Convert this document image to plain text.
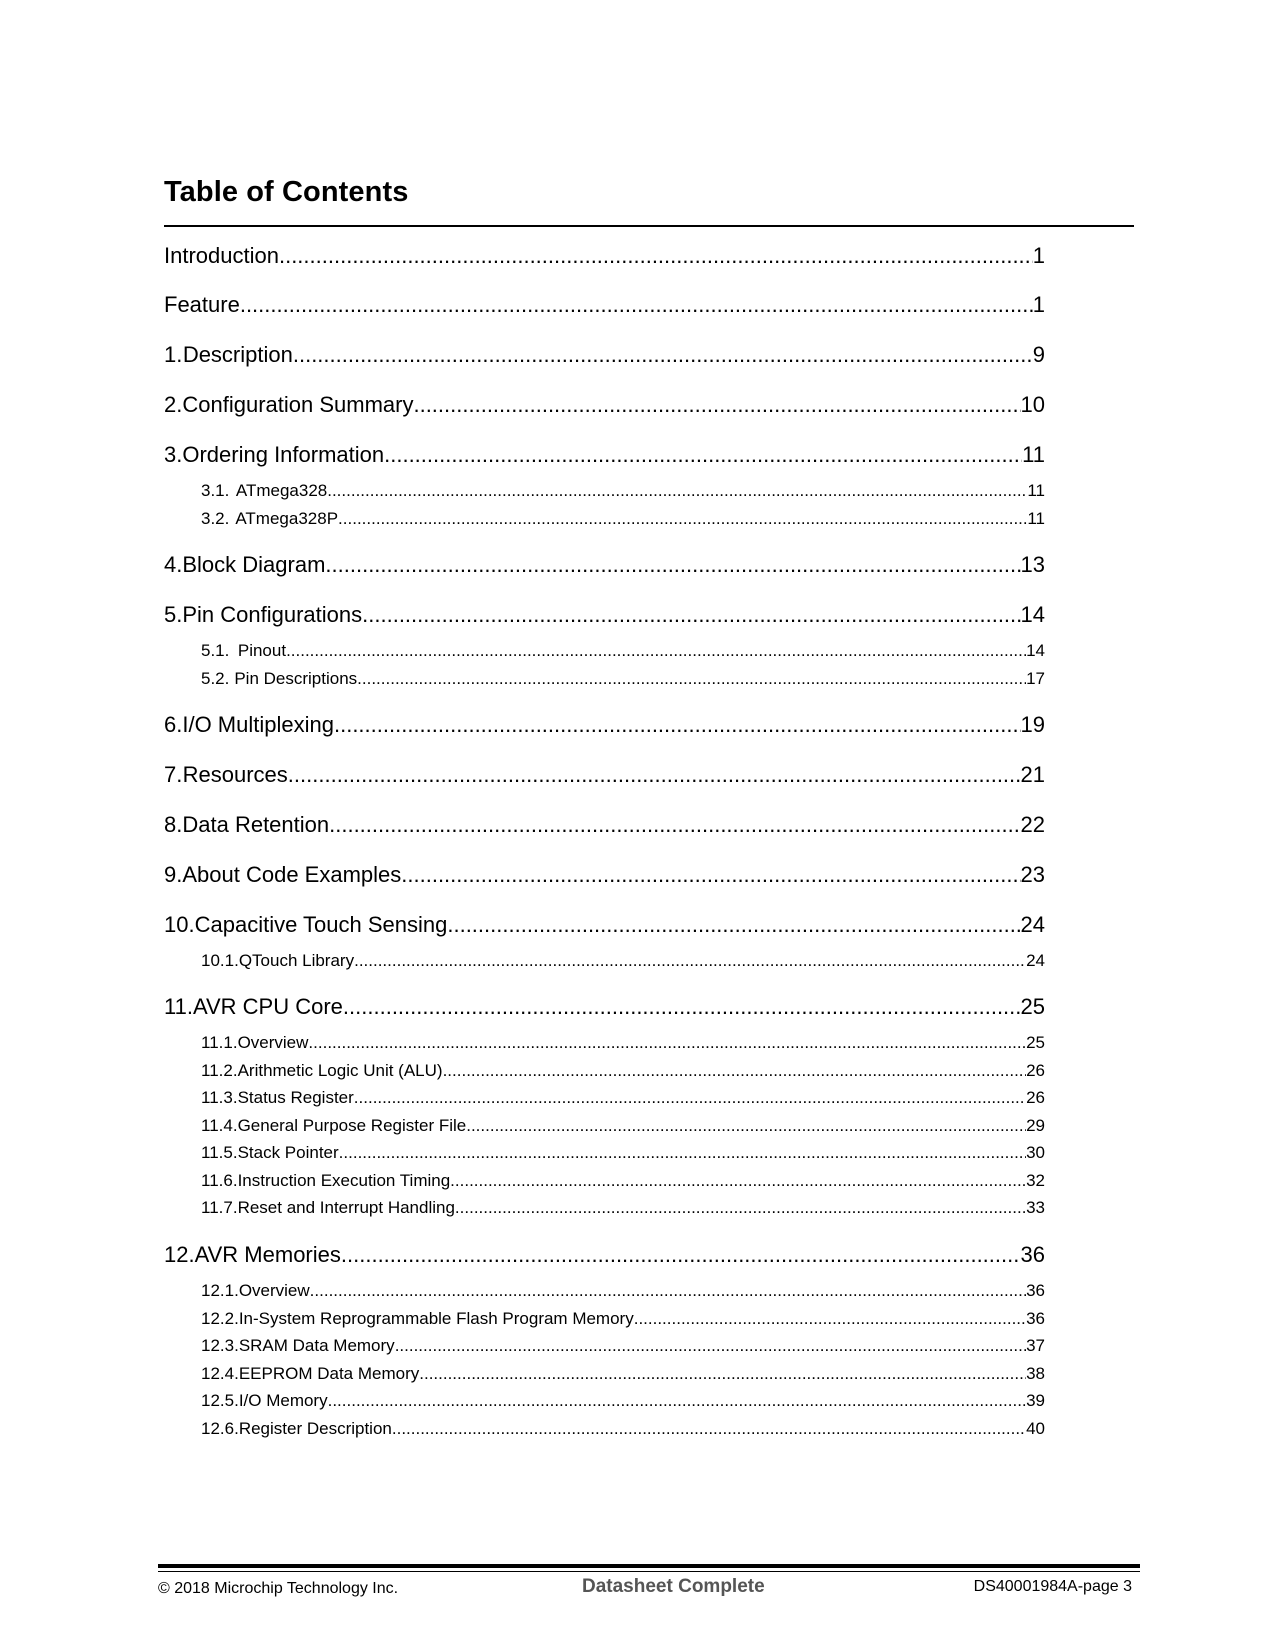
Table of Contents
Introduction .....	1
Feature .....	1
1. Description .....	9
2. Configuration Summary .....	10
3. Ordering Information .....	11
3.1. ATmega328 .....	11
3.2. ATmega328P .....	11
4. Block Diagram .....	13
5. Pin Configurations .....	14
5.1. Pinout .....	14
5.2. Pin Descriptions .....	17
6. I/O Multiplexing .....	19
7. Resources .....	21
8. Data Retention .....	22
9. About Code Examples .....	23
10. Capacitive Touch Sensing .....	24
10.1. QTouch Library .....	24
11. AVR CPU Core .....	25
11.1. Overview .....	25
11.2. Arithmetic Logic Unit (ALU) .....	26
11.3. Status Register .....	26
11.4. General Purpose Register File .....	29
11.5. Stack Pointer .....	30
11.6. Instruction Execution Timing .....	32
11.7. Reset and Interrupt Handling .....	33
12. AVR Memories .....	36
12.1. Overview .....	36
12.2. In-System Reprogrammable Flash Program Memory .....	36
12.3. SRAM Data Memory .....	37
12.4. EEPROM Data Memory .....	38
12.5. I/O Memory .....	39
12.6. Register Description .....	40
© 2018 Microchip Technology Inc.	Datasheet Complete	DS40001984A-page 3
